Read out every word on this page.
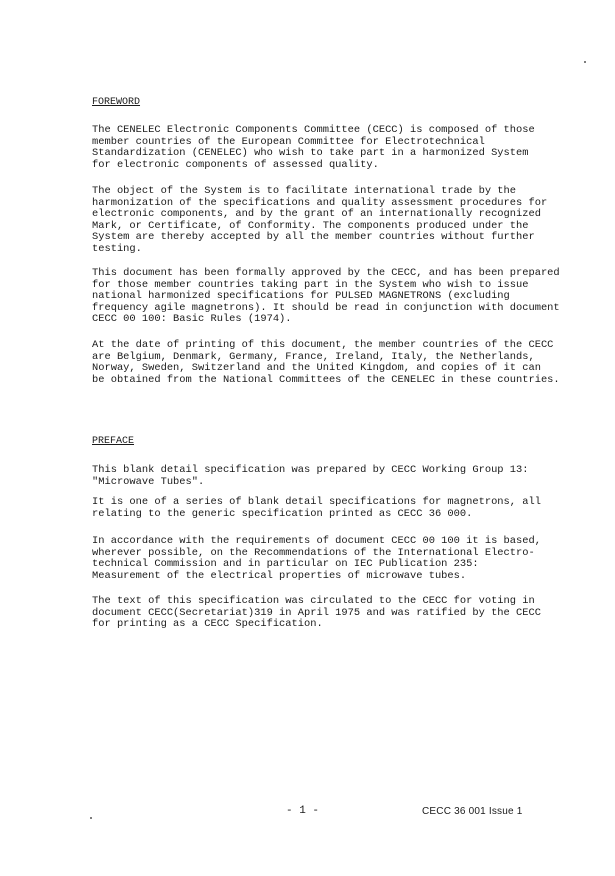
FOREWORD
The CENELEC Electronic Components Committee (CECC) is composed of those
member countries of the European Committee for Electrotechnical
Standardization (CENELEC) who wish to take part in a harmonized System
for electronic components of assessed quality.
The object of the System is to facilitate international trade by the
harmonization of the specifications and quality assessment procedures for
electronic components, and by the grant of an internationally recognized
Mark, or Certificate, of Conformity. The components produced under the
System are thereby accepted by all the member countries without further
testing.
This document has been formally approved by the CECC, and has been prepared
for those member countries taking part in the System who wish to issue
national harmonized specifications for PULSED MAGNETRONS (excluding
frequency agile magnetrons). It should be read in conjunction with document
CECC 00 100: Basic Rules (1974).
At the date of printing of this document, the member countries of the CECC
are Belgium, Denmark, Germany, France, Ireland, Italy, the Netherlands,
Norway, Sweden, Switzerland and the United Kingdom, and copies of it can
be obtained from the National Committees of the CENELEC in these countries.
PREFACE
This blank detail specification was prepared by CECC Working Group 13:
"Microwave Tubes".
It is one of a series of blank detail specifications for magnetrons, all
relating to the generic specification printed as CECC 36 000.
In accordance with the requirements of document CECC 00 100 it is based,
wherever possible, on the Recommendations of the International Electro-
technical Commission and in particular on IEC Publication 235:
Measurement of the electrical properties of microwave tubes.
The text of this specification was circulated to the CECC for voting in
document CECC(Secretariat)319 in April 1975 and was ratified by the CECC
for printing as a CECC Specification.
- 1 -	CECC 36 001 Issue 1
